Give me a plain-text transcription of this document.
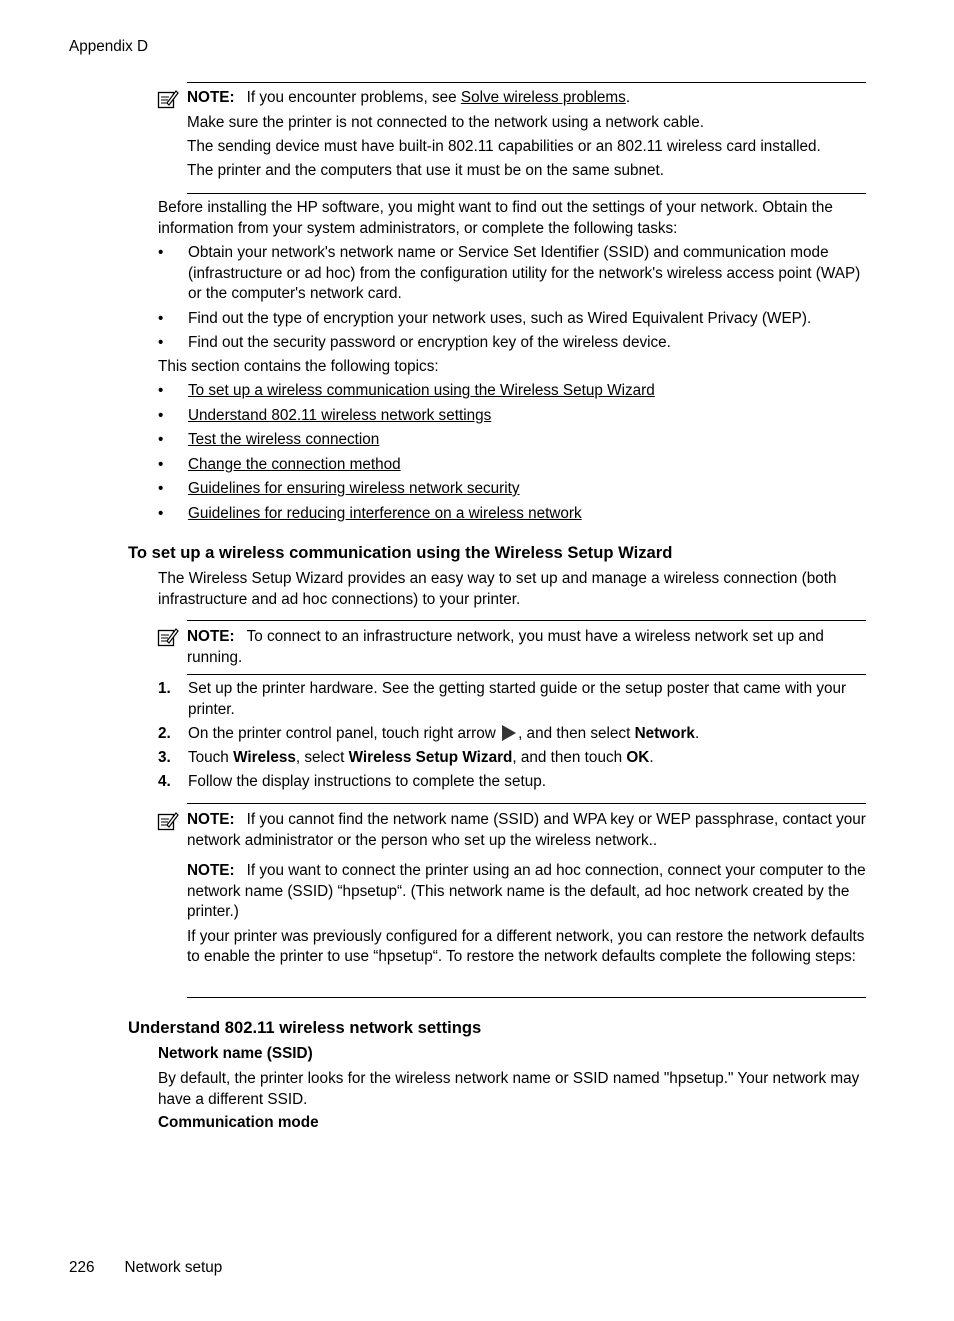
Appendix D

NOTE: If you encounter problems, see Solve wireless problems.

Make sure the printer is not connected to the network using a network cable.

The sending device must have built-in 802.11 capabilities or an 802.11 wireless card installed.

The printer and the computers that use it must be on the same subnet.

Before installing the HP software, you might want to find out the settings of your network. Obtain the information from your system administrators, or complete the following tasks:

• Obtain your network's network name or Service Set Identifier (SSID) and communication mode (infrastructure or ad hoc) from the configuration utility for the network's wireless access point (WAP) or the computer's network card.
• Find out the type of encryption your network uses, such as Wired Equivalent Privacy (WEP).
• Find out the security password or encryption key of the wireless device.

This section contains the following topics:

• To set up a wireless communication using the Wireless Setup Wizard
• Understand 802.11 wireless network settings
• Test the wireless connection
• Change the connection method
• Guidelines for ensuring wireless network security
• Guidelines for reducing interference on a wireless network
To set up a wireless communication using the Wireless Setup Wizard

The Wireless Setup Wizard provides an easy way to set up and manage a wireless connection (both infrastructure and ad hoc connections) to your printer.

NOTE: To connect to an infrastructure network, you must have a wireless network set up and running.

1. Set up the printer hardware. See the getting started guide or the setup poster that came with your printer.
2. On the printer control panel, touch right arrow , and then select Network.
3. Touch Wireless, select Wireless Setup Wizard, and then touch OK.
4. Follow the display instructions to complete the setup.

NOTE: If you cannot find the network name (SSID) and WPA key or WEP passphrase, contact your network administrator or the person who set up the wireless network..

NOTE: If you want to connect the printer using an ad hoc connection, connect your computer to the network name (SSID) “hpsetup“. (This network name is the default, ad hoc network created by the printer.)

If your printer was previously configured for a different network, you can restore the network defaults to enable the printer to use “hpsetup“. To restore the network defaults complete the following steps:

Understand 802.11 wireless network settings
Network name (SSID)

By default, the printer looks for the wireless network name or SSID named "hpsetup." Your network may have a different SSID.

Communication mode
226 Network setup
